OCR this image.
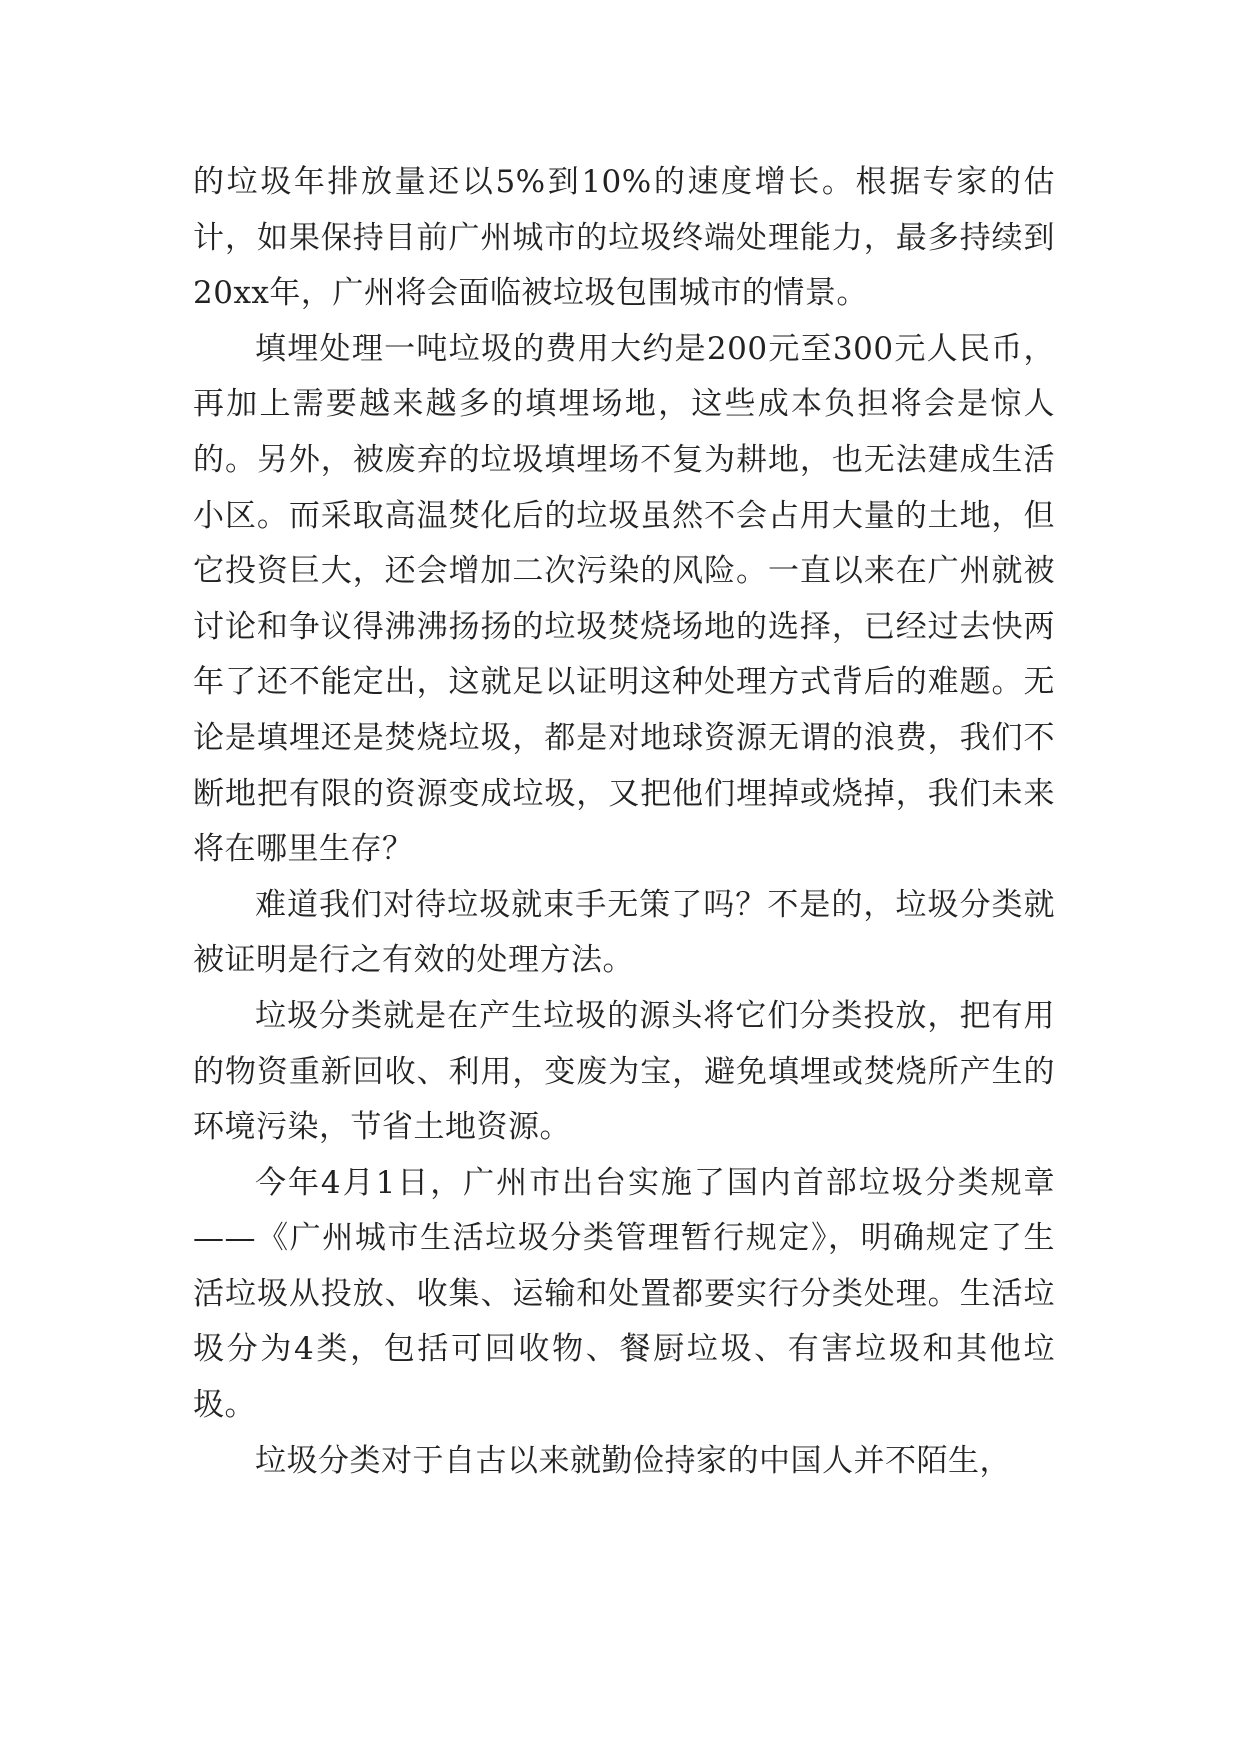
的垃圾年排放量还以5%到10%的速度增长。根据专家的估计，如果保持目前广州城市的垃圾终端处理能力，最多持续到20xx年，广州将会面临被垃圾包围城市的情景。

填埋处理一吨垃圾的费用大约是200元至300元人民币，再加上需要越来越多的填埋场地，这些成本负担将会是惊人的。另外，被废弃的垃圾填埋场不复为耕地，也无法建成生活小区。而采取高温焚化后的垃圾虽然不会占用大量的土地，但它投资巨大，还会增加二次污染的风险。一直以来在广州就被讨论和争议得沸沸扬扬的垃圾焚烧场地的选择，已经过去快两年了还不能定出，这就足以证明这种处理方式背后的难题。无论是填埋还是焚烧垃圾，都是对地球资源无谓的浪费，我们不断地把有限的资源变成垃圾，又把他们埋掉或烧掉，我们未来将在哪里生存？

难道我们对待垃圾就束手无策了吗？不是的，垃圾分类就被证明是行之有效的处理方法。

垃圾分类就是在产生垃圾的源头将它们分类投放，把有用的物资重新回收、利用，变废为宝，避免填埋或焚烧所产生的环境污染，节省土地资源。

今年4月1日，广州市出台实施了国内首部垃圾分类规章——《广州城市生活垃圾分类管理暂行规定》，明确规定了生活垃圾从投放、收集、运输和处置都要实行分类处理。生活垃圾分为4类，包括可回收物、餐厨垃圾、有害垃圾和其他垃圾。

垃圾分类对于自古以来就勤俭持家的中国人并不陌生，
